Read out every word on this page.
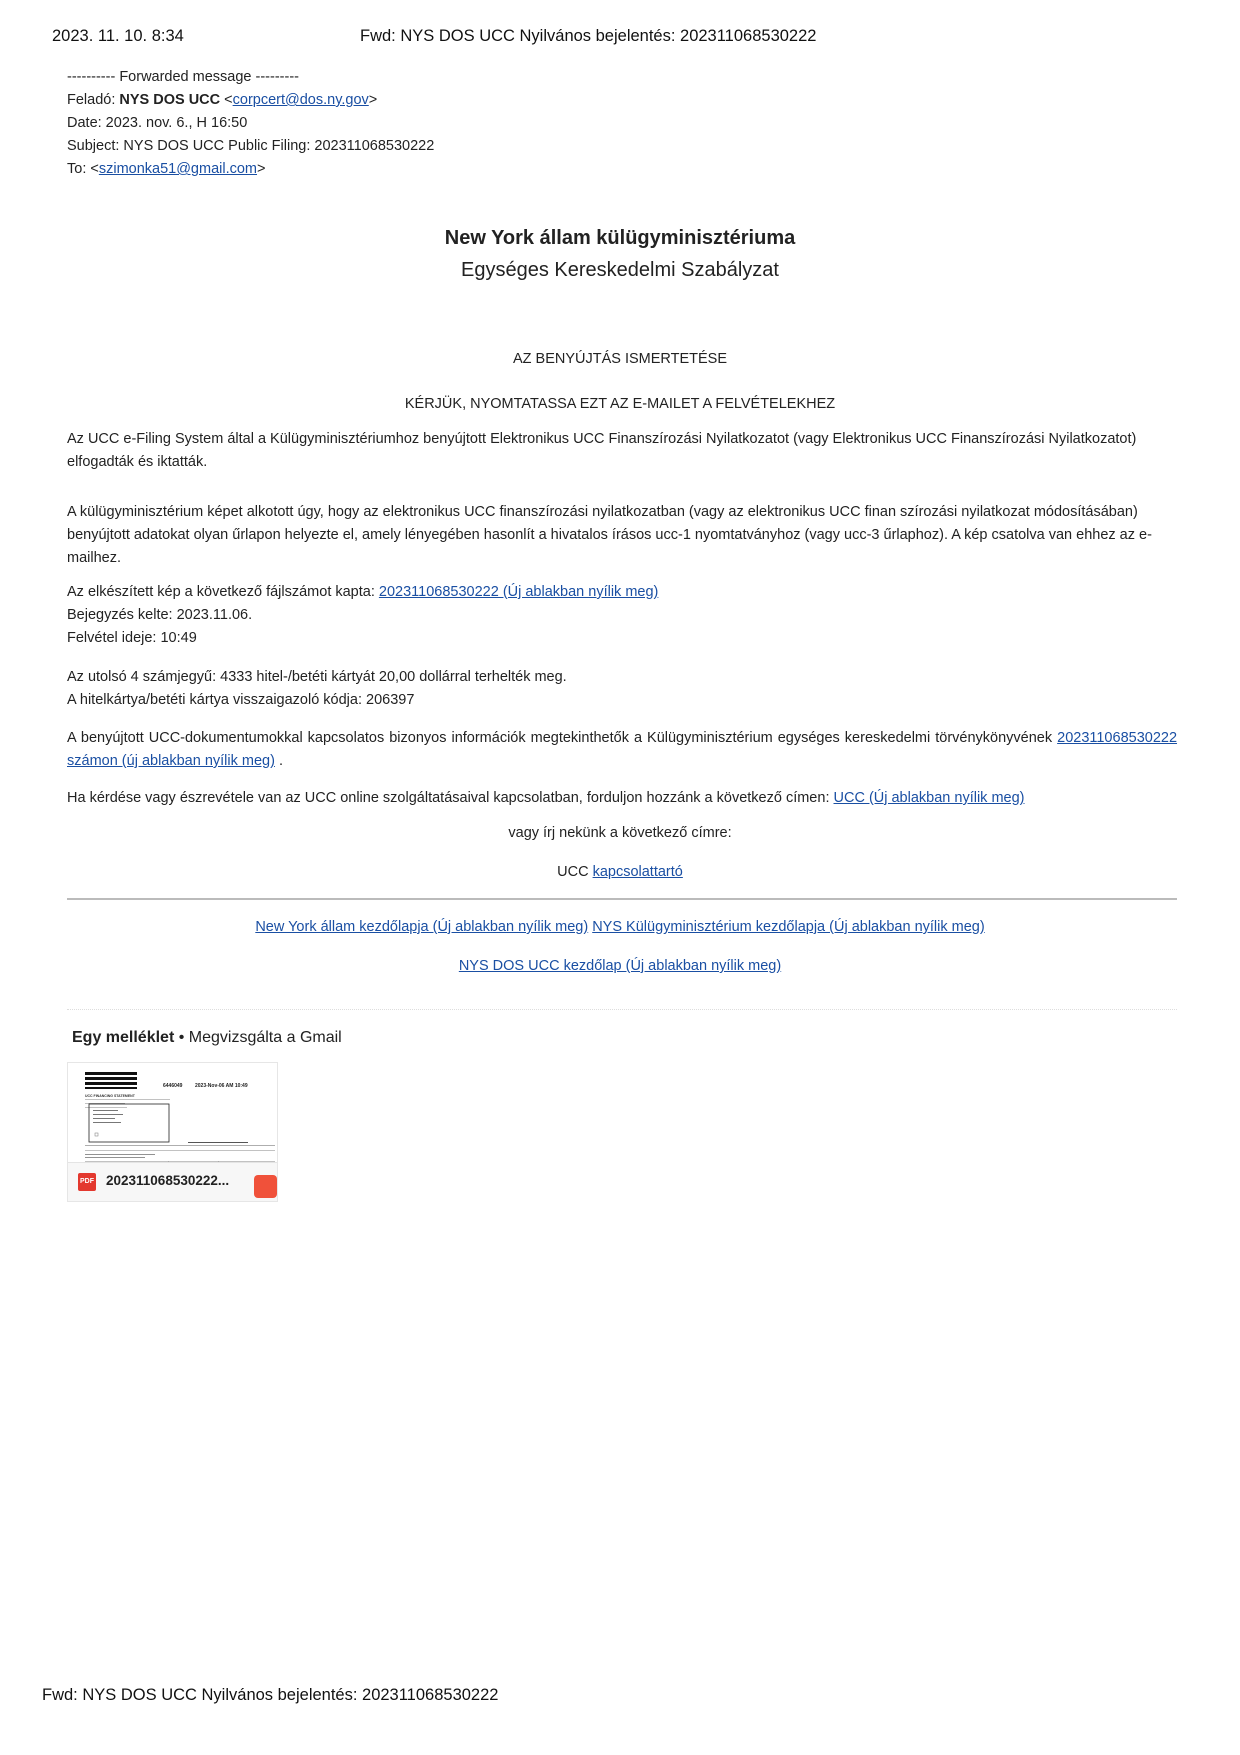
2023. 11. 10. 8:34	Fwd: NYS DOS UCC Nyilvános bejelentés: 202311068530222
---------- Forwarded message ---------
Feladó: NYS DOS UCC <corpcert@dos.ny.gov>
Date: 2023. nov. 6., H 16:50
Subject: NYS DOS UCC Public Filing: 202311068530222
To: <szimonka51@gmail.com>
New York állam külügyminisztériuma
Egységes Kereskedelmi Szabályzat
AZ BENYÚJTÁS ISMERTETÉSE
KÉRJÜK, NYOMTATASSA EZT AZ E-MAILET A FELVÉTELEKHEZ
Az UCC e-Filing System által a Külügyminisztériumhoz benyújtott Elektronikus UCC Finanszírozási Nyilatkozatot (vagy Elektronikus UCC Finanszírozási Nyilatkozatot) elfogadták és iktatták.
A külügyminisztérium képet alkotott úgy, hogy az elektronikus UCC finanszírozási nyilatkozatban (vagy az elektronikus UCC finan szírozási nyilatkozat módosításában) benyújtott adatokat olyan űrlapon helyezte el, amely lényegében hasonlít a hivatalos írásos ucc-1 nyomtatványhoz (vagy ucc-3 űrlaphoz). A kép csatolva van ehhez az e-mailhez.
Az elkészített kép a következő fájlszámot kapta: 202311068530222 (Új ablakban nyílik meg)
Bejegyzés kelte: 2023.11.06.
Felvétel ideje: 10:49
Az utolsó 4 számjegyű: 4333 hitel-/betéti kártyát 20,00 dollárral terhelték meg.
A hitelkártya/betéti kártya visszaigazoló kódja: 206397
A benyújtott UCC-dokumentumokkal kapcsolatos bizonyos információk megtekinthetők a Külügyminisztérium egységes kereskedelmi törvénykönyvének 202311068530222 számon (új ablakban nyílik meg) .
Ha kérdése vagy észrevétele van az UCC online szolgáltatásaival kapcsolatban, forduljon hozzánk a következő címen: UCC (Új ablakban nyílik meg)
vagy írj nekünk a következő címre:
UCC kapcsolattartó
New York állam kezdőlapja (Új ablakban nyílik meg) NYS Külügyminisztérium kezdőlapja (Új ablakban nyílik meg)
NYS DOS UCC kezdőlap (Új ablakban nyílik meg)
Egy melléklet • Megvizsgálta a Gmail
6446049	2023-Nov-06 AM 10:49
UCC FINANCING STATEMENT
PDF 202311068530222...
Fwd: NYS DOS UCC Nyilvános bejelentés: 202311068530222
